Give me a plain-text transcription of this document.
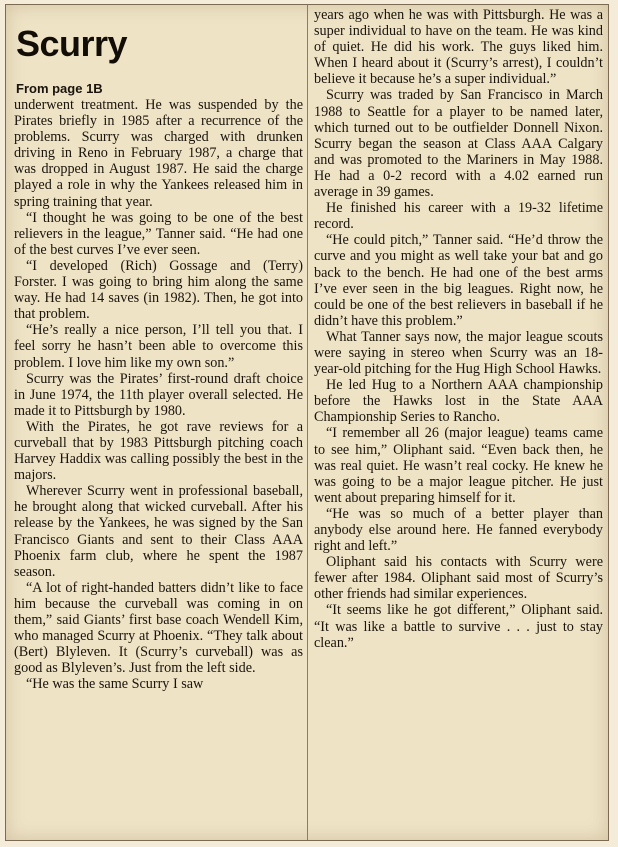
Scurry
From page 1B

underwent treatment. He was suspended by the Pirates briefly in 1985 after a recurrence of the problems. Scurry was charged with drunken driving in Reno in February 1987, a charge that was dropped in August 1987. He said the charge played a role in why the Yankees released him in spring training that year.

“I thought he was going to be one of the best relievers in the league,” Tanner said. “He had one of the best curves I’ve ever seen.

“I developed (Rich) Gossage and (Terry) Forster. I was going to bring him along the same way. He had 14 saves (in 1982). Then, he got into that problem.

“He’s really a nice person, I’ll tell you that. I feel sorry he hasn’t been able to overcome this problem. I love him like my own son.”

Scurry was the Pirates’ first-round draft choice in June 1974, the 11th player overall selected. He made it to Pittsburgh by 1980.

With the Pirates, he got rave reviews for a curveball that by 1983 Pittsburgh pitching coach Harvey Haddix was calling possibly the best in the majors.

Wherever Scurry went in professional baseball, he brought along that wicked curveball. After his release by the Yankees, he was signed by the San Francisco Giants and sent to their Class AAA Phoenix farm club, where he spent the 1987 season.

“A lot of right-handed batters didn’t like to face him because the curveball was coming in on them,” said Giants’ first base coach Wendell Kim, who managed Scurry at Phoenix. “They talk about (Bert) Blyleven. It (Scurry’s curveball) was as good as Blyleven’s. Just from the left side.

“He was the same Scurry I saw

years ago when he was with Pittsburgh. He was a super individual to have on the team. He was kind of quiet. He did his work. The guys liked him. When I heard about it (Scurry’s arrest), I couldn’t believe it because he’s a super individual.”

Scurry was traded by San Francisco in March 1988 to Seattle for a player to be named later, which turned out to be outfielder Donnell Nixon. Scurry began the season at Class AAA Calgary and was promoted to the Mariners in May 1988. He had a 0-2 record with a 4.02 earned run average in 39 games.

He finished his career with a 19-32 lifetime record.

“He could pitch,” Tanner said. “He’d throw the curve and you might as well take your bat and go back to the bench. He had one of the best arms I’ve ever seen in the big leagues. Right now, he could be one of the best relievers in baseball if he didn’t have this problem.”

What Tanner says now, the major league scouts were saying in stereo when Scurry was an 18-year-old pitching for the Hug High School Hawks.

He led Hug to a Northern AAA championship before the Hawks lost in the State AAA Championship Series to Rancho.

“I remember all 26 (major league) teams came to see him,” Oliphant said. “Even back then, he was real quiet. He wasn’t real cocky. He knew he was going to be a major league pitcher. He just went about preparing himself for it.

“He was so much of a better player than anybody else around here. He fanned everybody right and left.”

Oliphant said his contacts with Scurry were fewer after 1984. Oliphant said most of Scurry’s other friends had similar experiences.

“It seems like he got different,” Oliphant said. “It was like a battle to survive . . . just to stay clean.”
